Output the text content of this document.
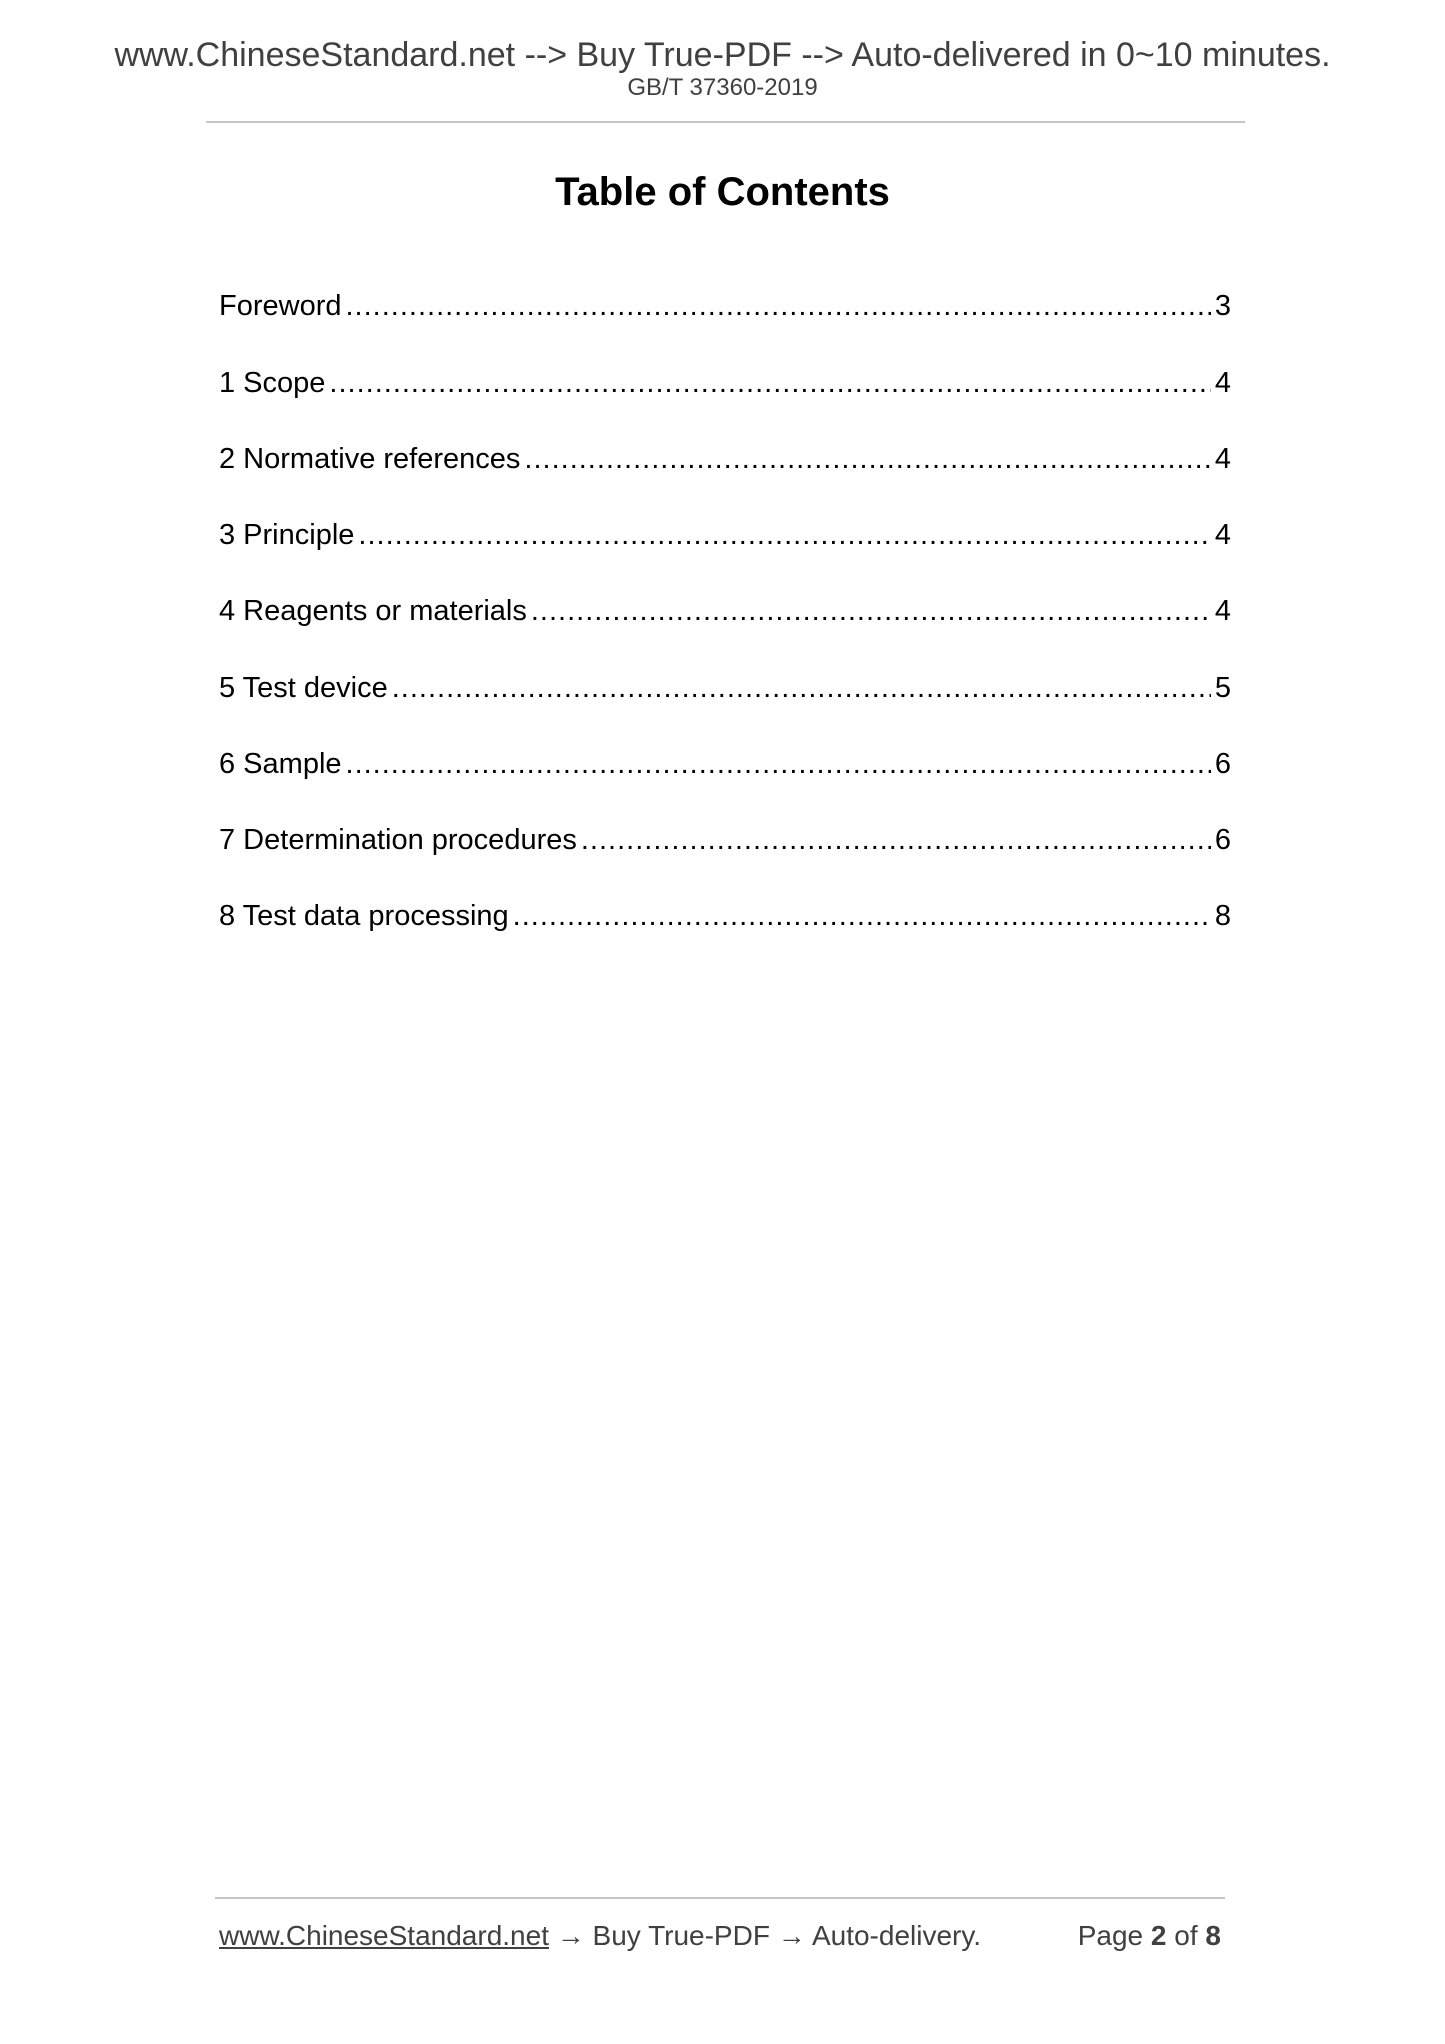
www.ChineseStandard.net --> Buy True-PDF --> Auto-delivered in 0~10 minutes.
GB/T 37360-2019
Table of Contents
Foreword .....	3
1 Scope .....	4
2 Normative references .....	4
3 Principle .....	4
4 Reagents or materials .....	4
5 Test device .....	5
6 Sample .....	6
7 Determination procedures .....	6
8 Test data processing .....	8
www.ChineseStandard.net → Buy True-PDF → Auto-delivery.	Page 2 of 8
